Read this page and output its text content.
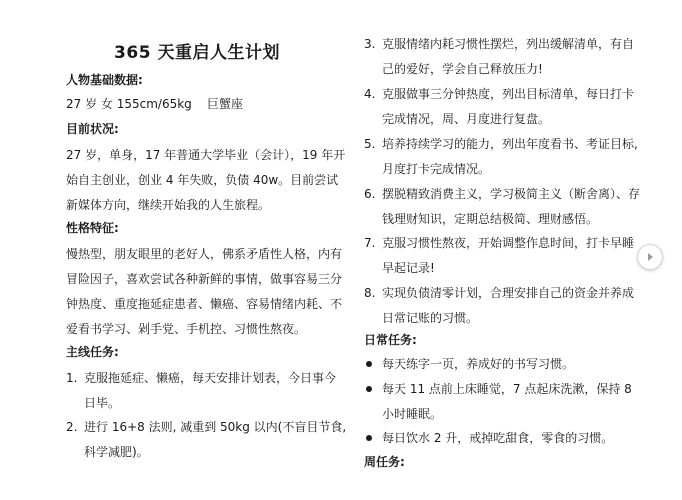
365 天重启人生计划
人物基础数据:
27 岁 女 155cm/65kg    巨蟹座
目前状况:
27 岁，单身，17 年普通大学毕业（会计），19 年开
始自主创业，创业 4 年失败，负债 40w。目前尝试
新媒体方向，继续开始我的人生旅程。
性格特征:
慢热型，朋友眼里的老好人，佛系矛盾性人格，内有
冒险因子，喜欢尝试各种新鲜的事情，做事容易三分
钟热度、重度拖延症患者、懒癌、容易情绪内耗、不
爱看书学习、剁手党、手机控、习惯性熬夜。
主线任务:
1. 克服拖延症、懒癌，每天安排计划表，今日事今
日毕。
2. 进行 16+8 法则, 减重到 50kg 以内(不盲目节食,
科学减肥)。
3. 克服情绪内耗习惯性摆烂，列出缓解清单，有自
己的爱好，学会自己释放压力!
4. 克服做事三分钟热度，列出目标清单，每日打卡
完成情况，周、月度进行复盘。
5. 培养持续学习的能力，列出年度看书、考证目标,
月度打卡完成情况。
6. 摆脱精致消费主义，学习极简主义（断舍离）、存
钱理财知识，定期总结极简、理财感悟。
7. 克服习惯性熬夜，开始调整作息时间，打卡早睡
早起记录!
8. 实现负债清零计划，合理安排自己的资金并养成
日常记账的习惯。
日常任务:
每天练字一页，养成好的书写习惯。
每天 11 点前上床睡觉，7 点起床洗漱，保持 8
小时睡眠。
每日饮水 2 升，戒掉吃甜食，零食的习惯。
周任务:
